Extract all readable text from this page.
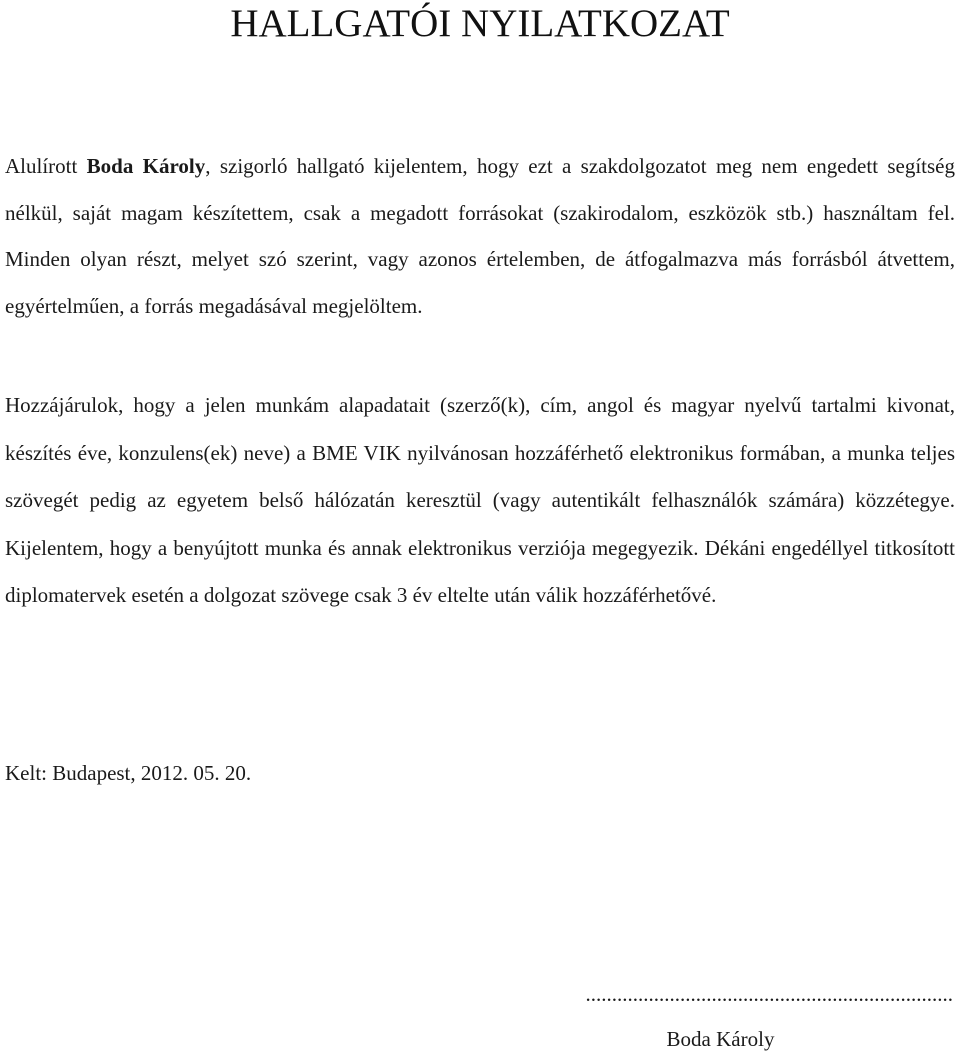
HALLGATÓI NYILATKOZAT

Alulírott Boda Károly, szigorló hallgató kijelentem, hogy ezt a szakdolgozatot meg nem engedett segítség nélkül, saját magam készítettem, csak a megadott forrásokat (szakirodalom, eszközök stb.) használtam fel. Minden olyan részt, melyet szó szerint, vagy azonos értelemben, de átfogalmazva más forrásból átvettem, egyértelműen, a forrás megadásával megjelöltem.

Hozzájárulok, hogy a jelen munkám alapadatait (szerző(k), cím, angol és magyar nyelvű tartalmi kivonat, készítés éve, konzulens(ek) neve) a BME VIK nyilvánosan hozzáférhető elektronikus formában, a munka teljes szövegét pedig az egyetem belső hálózatán keresztül (vagy autentikált felhasználók számára) közzétegye. Kijelentem, hogy a benyújtott munka és annak elektronikus verziója megegyezik. Dékáni engedéllyel titkosított diplomatervek esetén a dolgozat szövege csak 3 év eltelte után válik hozzáférhetővé.

Kelt: Budapest, 2012. 05. 20.

......................................................................

Boda Károly
